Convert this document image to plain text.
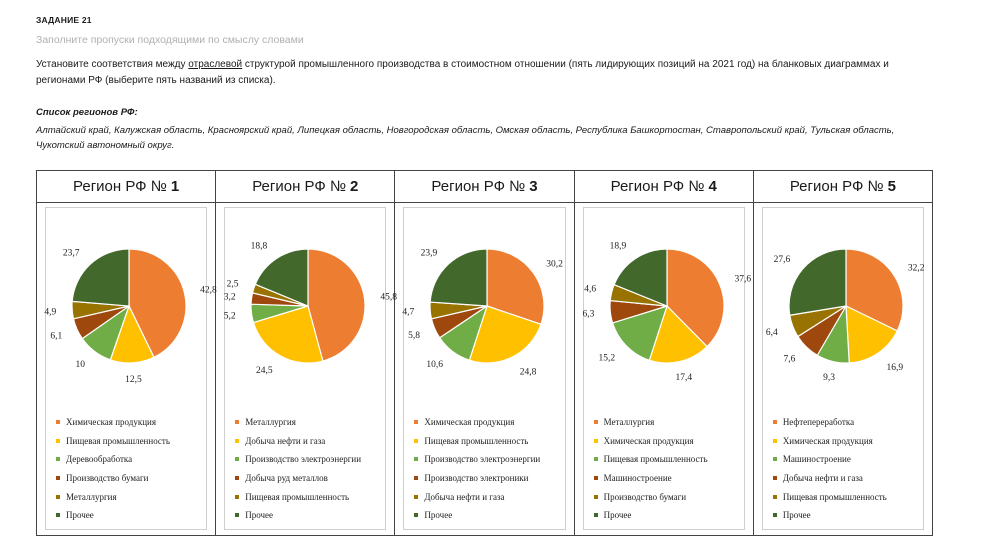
ЗАДАНИЕ 21
Заполните пропуски подходящими по смыслу словами
Установите соответствия между отраслевой структурой промышленного производства в стоимостном отношении (пять лидирующих позиций на 2021 год) на бланковых диаграммах и регионами РФ (выберите пять названий из списка).
Список регионов РФ:
Алтайский край, Калужская область, Красноярский край, Липецкая область, Новгородская область, Омская область, Республика Башкортостан, Ставропольский край, Тульская область, Чукотский автономный округ.
Регион РФ № 1
42,8
12,5
10
6,1
4,9
23,7
Химическая продукция
Пищевая промышленность
Деревообработка
Производство бумаги
Металлургия
Прочее
Регион РФ № 2
45,8
24,5
5,2
3,2
2,5
18,8
Металлургия
Добыча нефти и газа
Производство электроэнергии
Добыча руд металлов
Пищевая промышленность
Прочее
Регион РФ № 3
30,2
24,8
10,6
5,8
4,7
23,9
Химическая продукция
Пищевая промышленность
Производство электроэнергии
Производство электроники
Добыча нефти и газа
Прочее
Регион РФ № 4
37,6
17,4
15,2
6,3
4,6
18,9
Металлургия
Химическая продукция
Пищевая промышленность
Машиностроение
Производство бумаги
Прочее
Регион РФ № 5
32,2
16,9
9,3
7,6
6,4
27,6
Нефтепереработка
Химическая продукция
Машиностроение
Добыча нефти и газа
Пищевая промышленность
Прочее
